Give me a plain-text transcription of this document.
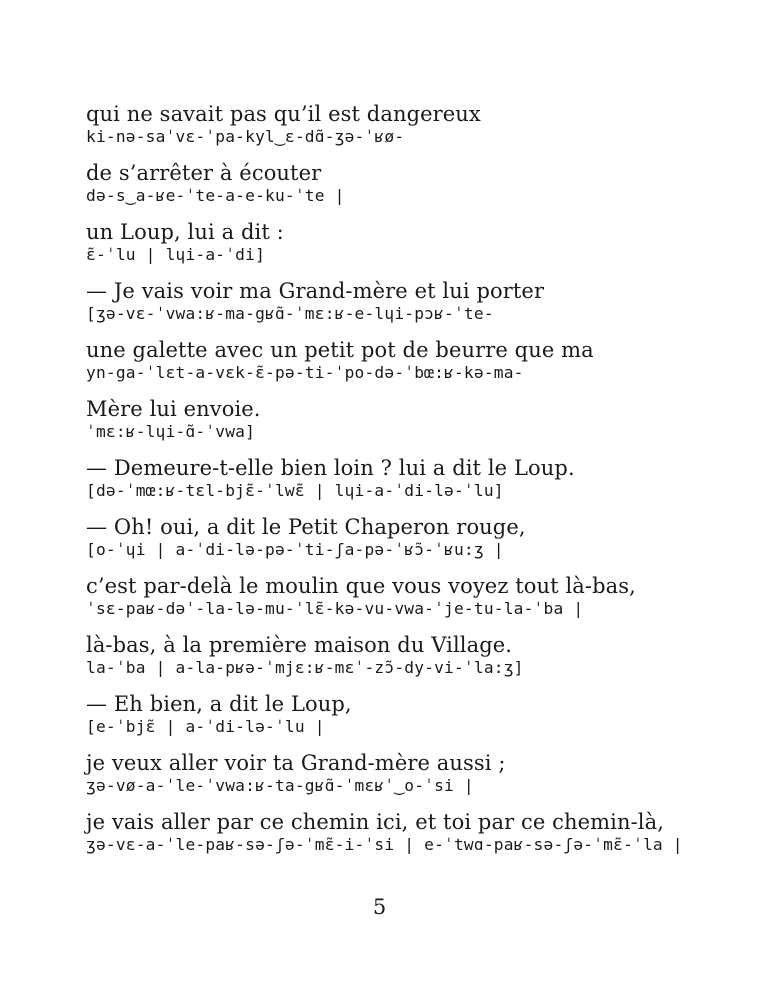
qui ne savait pas qu’il est dangereux
ki-nə-saˈvɛ-ˈpa-kyl‿ɛ-dɑ̃-ʒə-ˈʁø-
de s’arrêter à écouter
də-s‿a-ʁe-ˈte-a-e-ku-ˈte |
un Loup, lui a dit :
ɛ̃-ˈlu | lɥi-a-ˈdi]
— Je vais voir ma Grand-mère et lui porter
[ʒə-vɛ-ˈvwa:ʁ-ma-gʁɑ̃-ˈmɛ:ʁ-e-lɥi-pɔʁ-ˈte-
une galette avec un petit pot de beurre que ma
yn-ga-ˈlɛt-a-vɛk-ɛ̃-pə-ti-ˈpo-də-ˈbœ:ʁ-kə-ma-
Mère lui envoie.
ˈmɛ:ʁ-lɥi-ɑ̃-ˈvwa]
— Demeure-t-elle bien loin ? lui a dit le Loup.
[də-ˈmœ:ʁ-tɛl-bjɛ̃-ˈlwɛ̃ | lɥi-a-ˈdi-lə-ˈlu]
— Oh! oui, a dit le Petit Chaperon rouge,
[o-ˈɥi | a-ˈdi-lə-pə-ˈti-ʃa-pə-ˈʁɔ̃-ˈʁu:ʒ |
c’est par-delà le moulin que vous voyez tout là-bas,
ˈsɛ-paʁ-dəˈ-la-lə-mu-ˈlɛ̃-kə-vu-vwa-ˈje-tu-la-ˈba |
là-bas, à la première maison du Village.
la-ˈba | a-la-pʁə-ˈmjɛ:ʁ-mɛˈ-zɔ̃-dy-vi-ˈla:ʒ]
— Eh bien, a dit le Loup,
[e-ˈbjɛ̃ | a-ˈdi-lə-ˈlu |
je veux aller voir ta Grand-mère aussi ;
ʒə-vø-a-ˈle-ˈvwa:ʁ-ta-gʁɑ̃-ˈmɛʁˈ‿o-ˈsi |
je vais aller par ce chemin ici, et toi par ce chemin-là,
ʒə-vɛ-a-ˈle-paʁ-sə-ʃə-ˈmɛ̃-i-ˈsi | e-ˈtwɑ-paʁ-sə-ʃə-ˈmɛ̃-ˈla |
5
